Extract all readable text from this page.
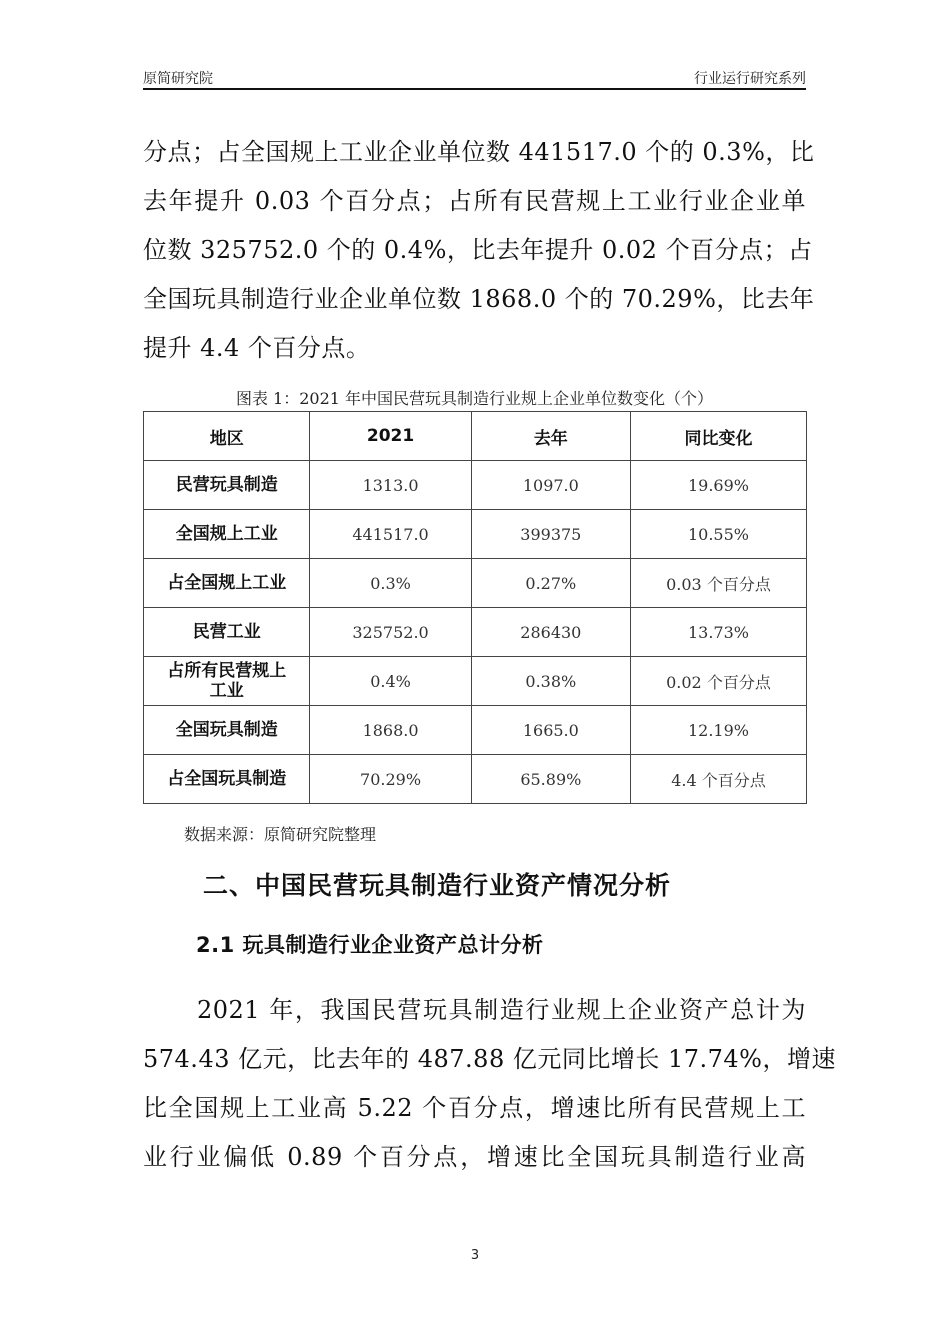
原简研究院	行业运行研究系列
分点；占全国规上工业企业单位数 441517.0 个的 0.3%，比
去年提升 0.03 个百分点；占所有民营规上工业行业企业单
位数 325752.0 个的 0.4%，比去年提升 0.02 个百分点；占
全国玩具制造行业企业单位数 1868.0 个的 70.29%，比去年
提升 4.4 个百分点。
图表 1：2021 年中国民营玩具制造行业规上企业单位数变化（个）
地区	2021	去年	同比变化
民营玩具制造	1313.0	1097.0	19.69%
全国规上工业	441517.0	399375	10.55%
占全国规上工业	0.3%	0.27%	0.03 个百分点
民营工业	325752.0	286430	13.73%
占所有民营规上
工业	0.4%	0.38%	0.02 个百分点
全国玩具制造	1868.0	1665.0	12.19%
占全国玩具制造	70.29%	65.89%	4.4 个百分点
数据来源：原简研究院整理
二、中国民营玩具制造行业资产情况分析
2.1 玩具制造行业企业资产总计分析
2021 年，我国民营玩具制造行业规上企业资产总计为
574.43 亿元，比去年的 487.88 亿元同比增长 17.74%，增速
比全国规上工业高 5.22 个百分点，增速比所有民营规上工
业行业偏低 0.89 个百分点，增速比全国玩具制造行业高
3
